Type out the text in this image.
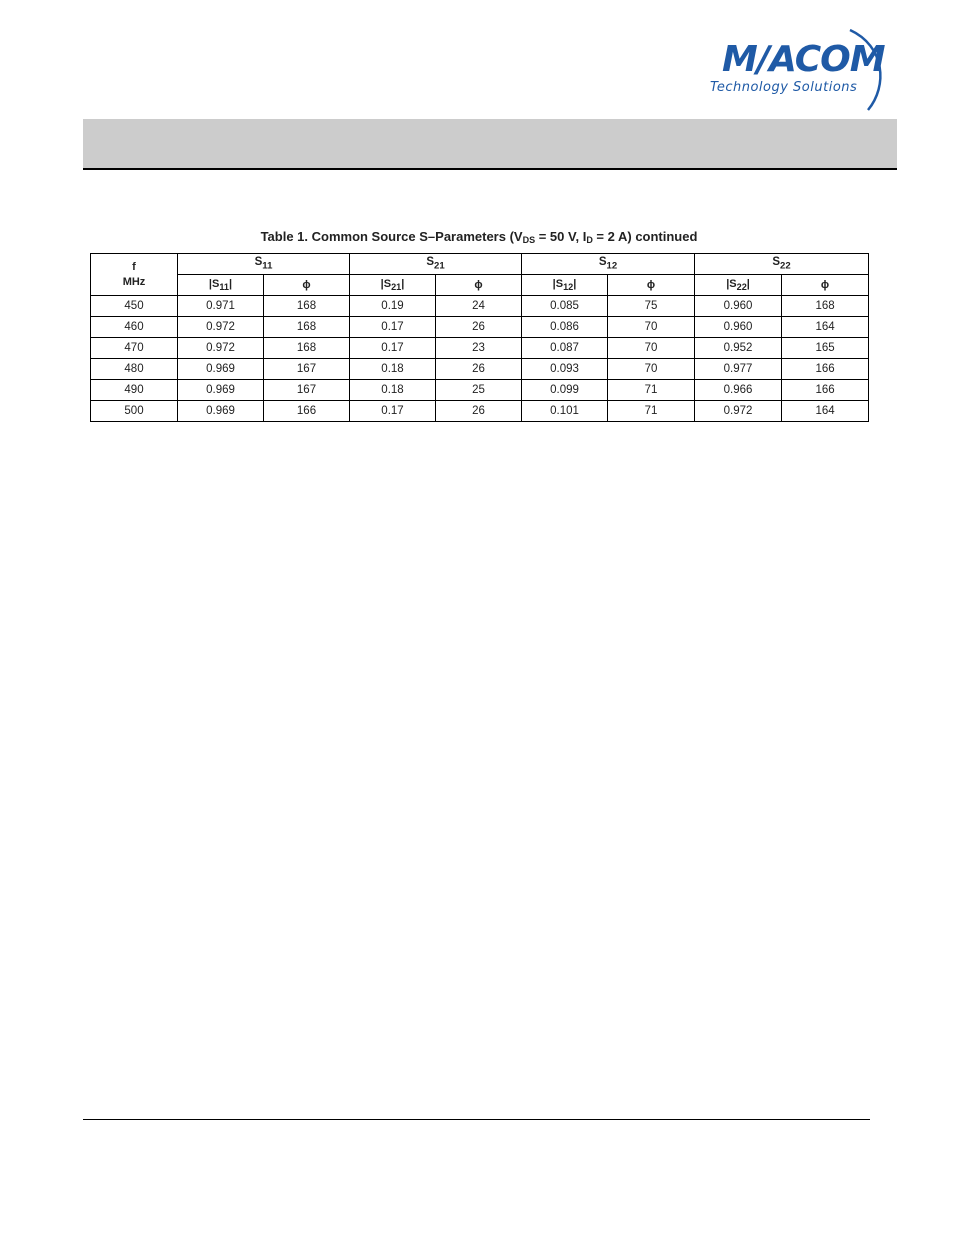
M/ACOM
Technology Solutions
Table 1. Common Source S–Parameters ($V_{DS} = 50$ V, $I_D = 2$ A) continued
f
MHz	$S_{11}$		$S_{21}$		$S_{12}$		$S_{22}$
	$|S_{11}|$	ϕ	$|S_{21}|$	ϕ	$|S_{12}|$	ϕ	$|S_{22}|$	ϕ
450	0.971	168	0.19	24	0.085	75	0.960	168
460	0.972	168	0.17	26	0.086	70	0.960	164
470	0.972	168	0.17	23	0.087	70	0.952	165
480	0.969	167	0.18	26	0.093	70	0.977	166
490	0.969	167	0.18	25	0.099	71	0.966	166
500	0.969	166	0.17	26	0.101	71	0.972	164
